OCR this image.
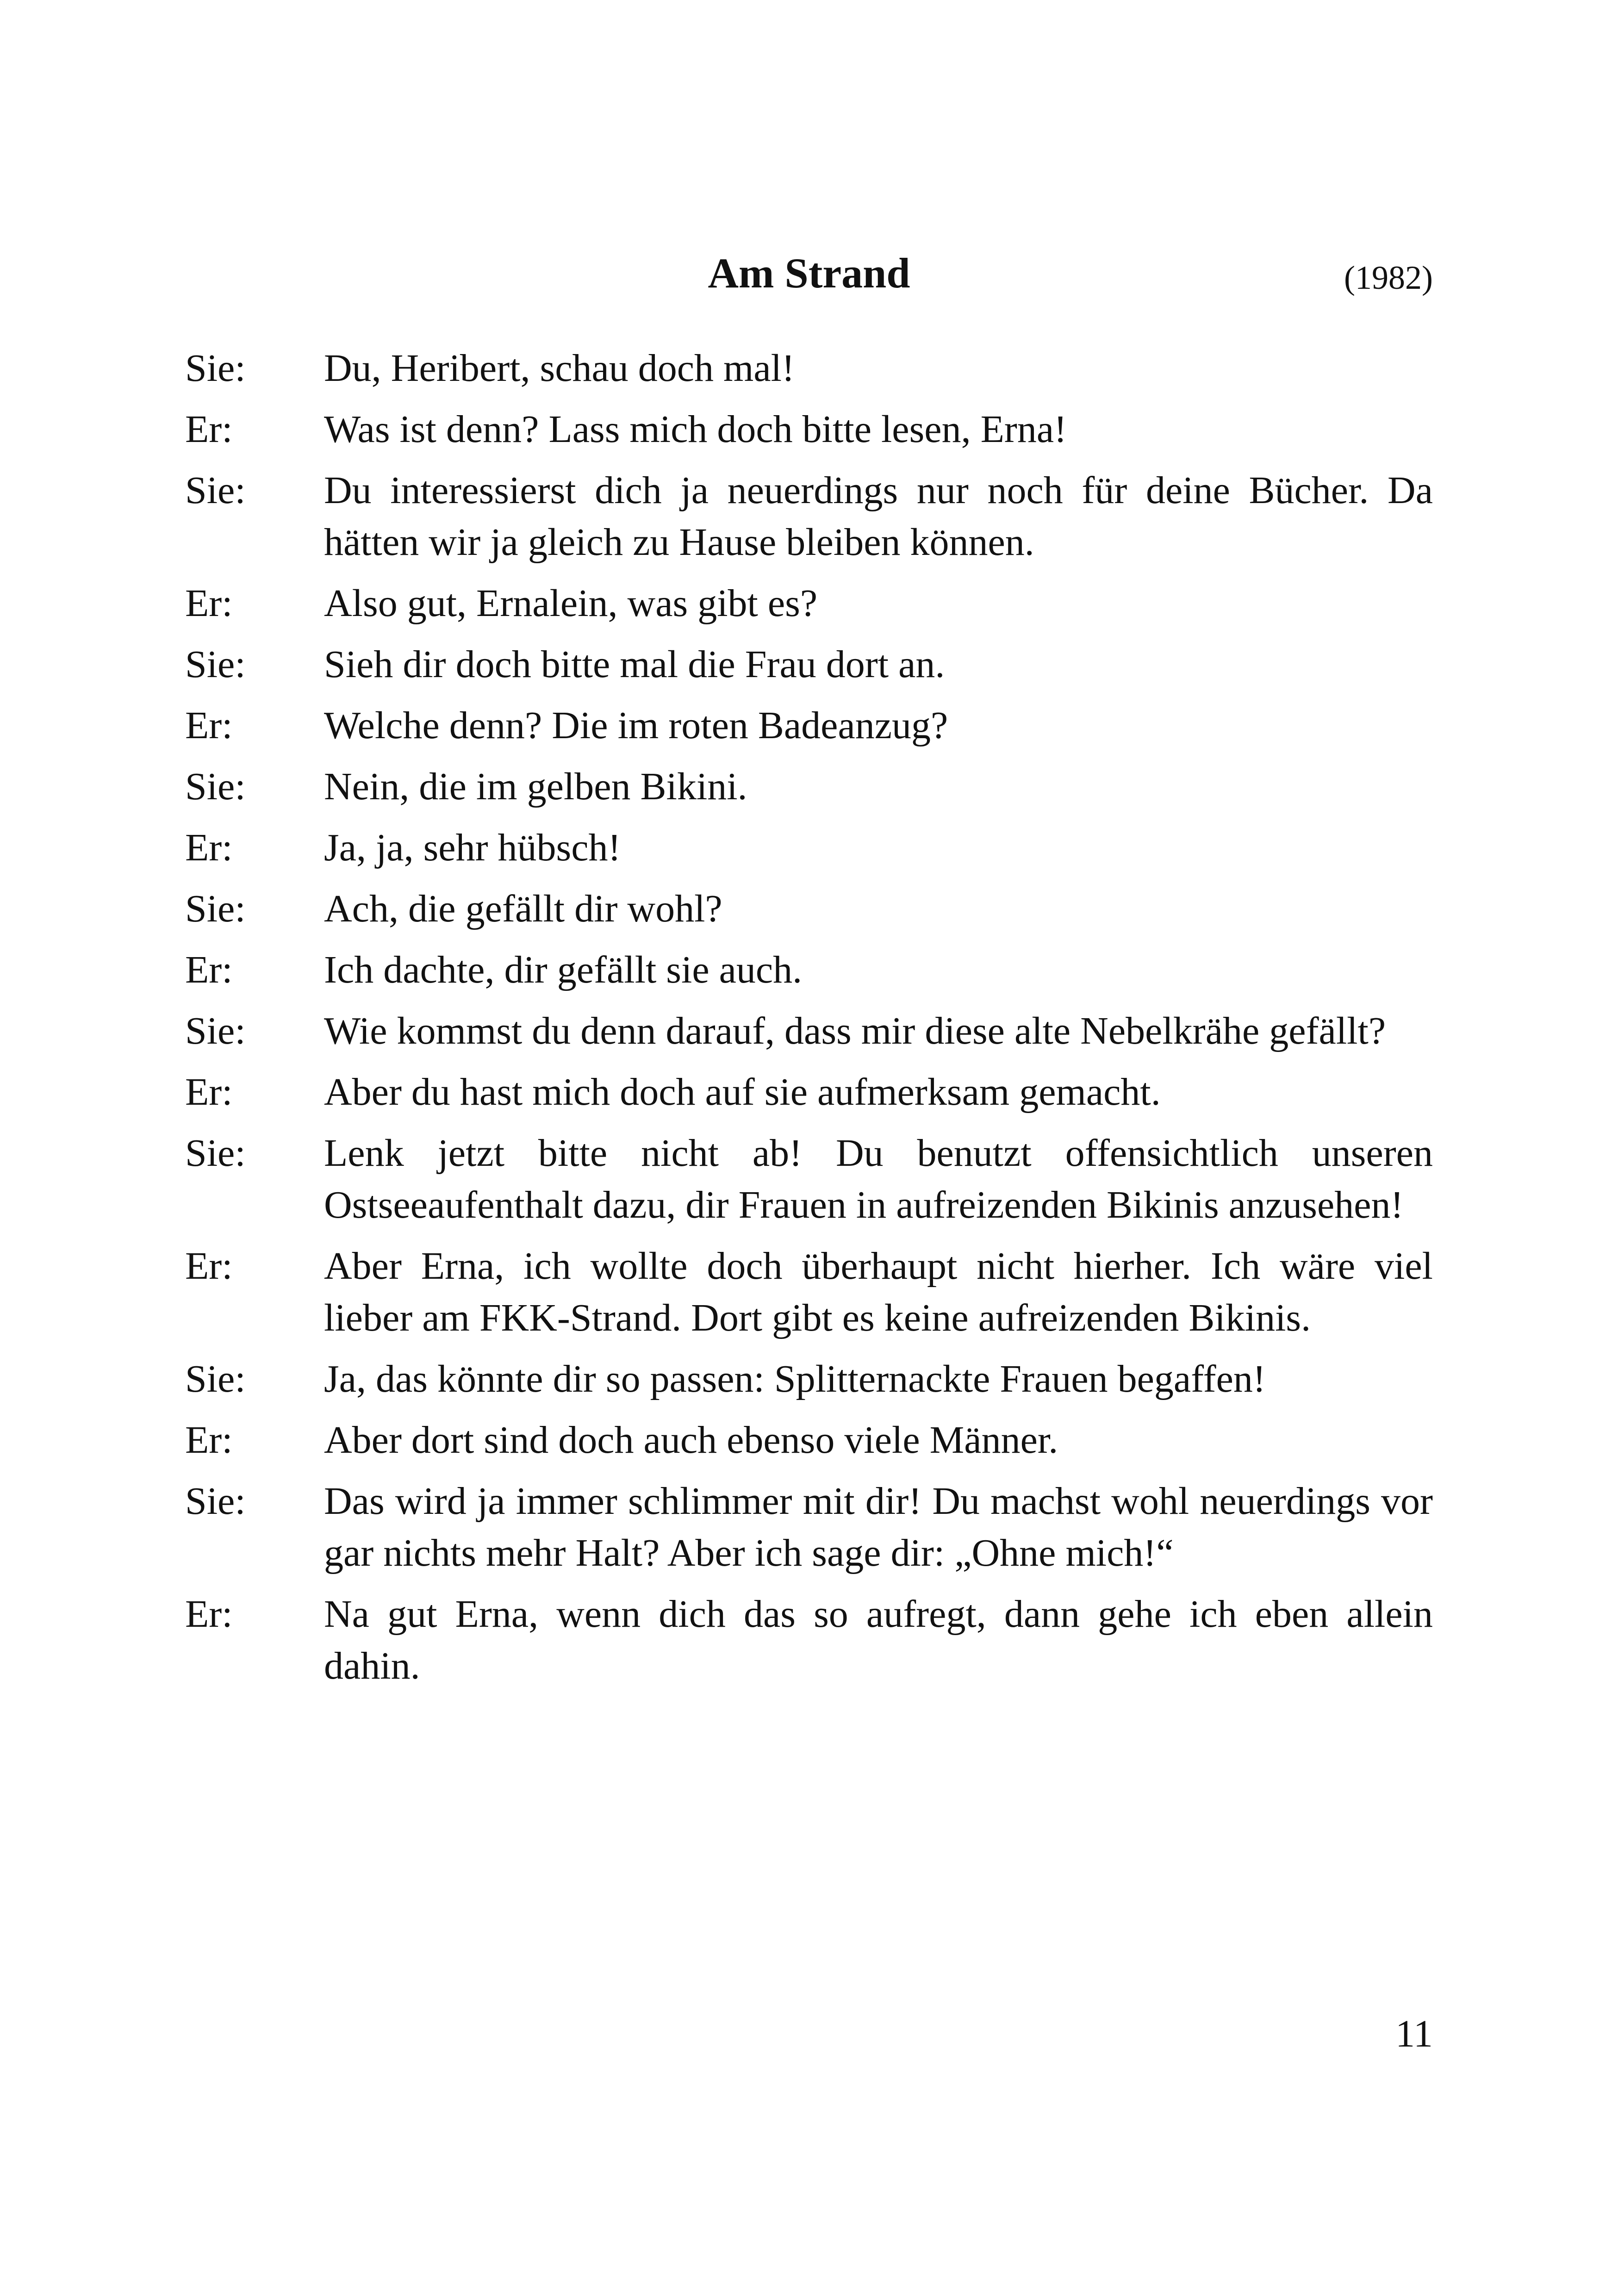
Am Strand	(1982)
Sie:	Du, Heribert, schau doch mal!
Er:	Was ist denn? Lass mich doch bitte lesen, Erna!
Sie:	Du interessierst dich ja neuerdings nur noch für deine Bücher. Da hätten wir ja gleich zu Hause bleiben können.
Er:	Also gut, Ernalein, was gibt es?
Sie:	Sieh dir doch bitte mal die Frau dort an.
Er:	Welche denn? Die im roten Badeanzug?
Sie:	Nein, die im gelben Bikini.
Er:	Ja, ja, sehr hübsch!
Sie:	Ach, die gefällt dir wohl?
Er:	Ich dachte, dir gefällt sie auch.
Sie:	Wie kommst du denn darauf, dass mir diese alte Nebelkrähe gefällt?
Er:	Aber du hast mich doch auf sie aufmerksam gemacht.
Sie:	Lenk jetzt bitte nicht ab! Du benutzt offensichtlich unseren Ostseeaufenthalt dazu, dir Frauen in aufreizenden Bikinis anzusehen!
Er:	Aber Erna, ich wollte doch überhaupt nicht hierher. Ich wäre viel lieber am FKK-Strand. Dort gibt es keine aufreizenden Bikinis.
Sie:	Ja, das könnte dir so passen: Splitternackte Frauen begaffen!
Er:	Aber dort sind doch auch ebenso viele Männer.
Sie:	Das wird ja immer schlimmer mit dir! Du machst wohl neuerdings vor gar nichts mehr Halt? Aber ich sage dir: „Ohne mich!“
Er:	Na gut Erna, wenn dich das so aufregt, dann gehe ich eben allein dahin.
11
